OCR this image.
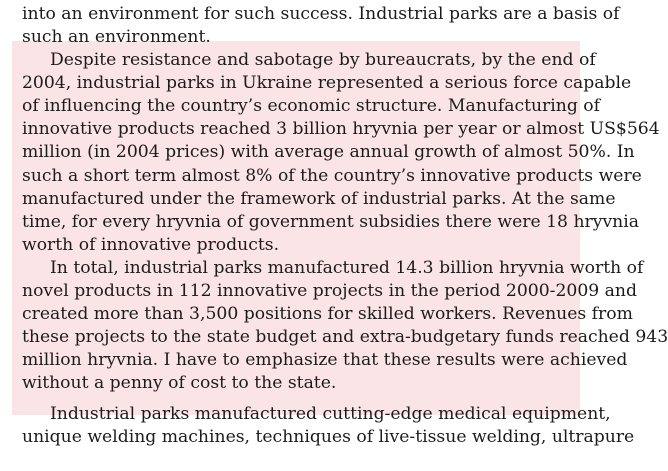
into an environment for such success. Industrial parks are a basis of
such an environment.
Despite resistance and sabotage by bureaucrats, by the end of
2004, industrial parks in Ukraine represented a serious force capable
of influencing the country’s economic structure. Manufacturing of
innovative products reached 3 billion hryvnia per year or almost US$564
million (in 2004 prices) with average annual growth of almost 50%. In
such a short term almost 8% of the country’s innovative products were
manufactured under the framework of industrial parks. At the same
time, for every hryvnia of government subsidies there were 18 hryvnia
worth of innovative products.
In total, industrial parks manufactured 14.3 billion hryvnia worth of
novel products in 112 innovative projects in the period 2000-2009 and
created more than 3,500 positions for skilled workers. Revenues from
these projects to the state budget and extra-budgetary funds reached 943
million hryvnia. I have to emphasize that these results were achieved
without a penny of cost to the state.
Industrial parks manufactured cutting-edge medical equipment,
unique welding machines, techniques of live-tissue welding, ultrapure
